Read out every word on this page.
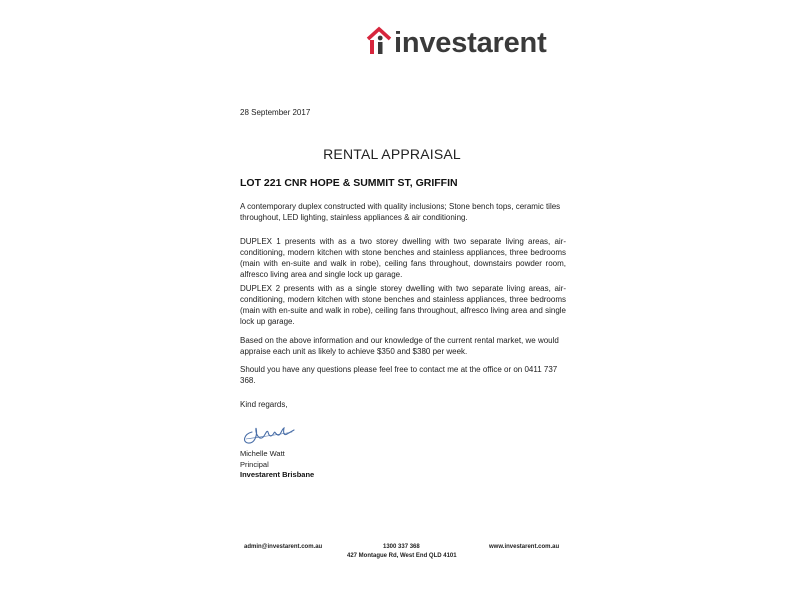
investarent
28 September 2017
RENTAL APPRAISAL
LOT 221 CNR HOPE & SUMMIT ST, GRIFFIN

A contemporary duplex constructed with quality inclusions; Stone bench tops, ceramic tiles throughout, LED lighting, stainless appliances & air conditioning.

DUPLEX 1 presents with as a two storey dwelling with two separate living areas, air-conditioning, modern kitchen with stone benches and stainless appliances, three bedrooms (main with en-suite and walk in robe), ceiling fans throughout, downstairs powder room, alfresco living area and single lock up garage.

DUPLEX 2 presents with as a single storey dwelling with two separate living areas, air-conditioning, modern kitchen with stone benches and stainless appliances, three bedrooms (main with en-suite and walk in robe), ceiling fans throughout, alfresco living area and single lock up garage.

Based on the above information and our knowledge of the current rental market, we would appraise each unit as likely to achieve $350 and $380 per week.

Should you have any questions please feel free to contact me at the office or on 0411 737 368.

Kind regards,

Michelle Watt
Principal
Investarent Brisbane
admin@investarent.com.au	1300 337 368	www.investarent.com.au
427 Montague Rd, West End QLD 4101
